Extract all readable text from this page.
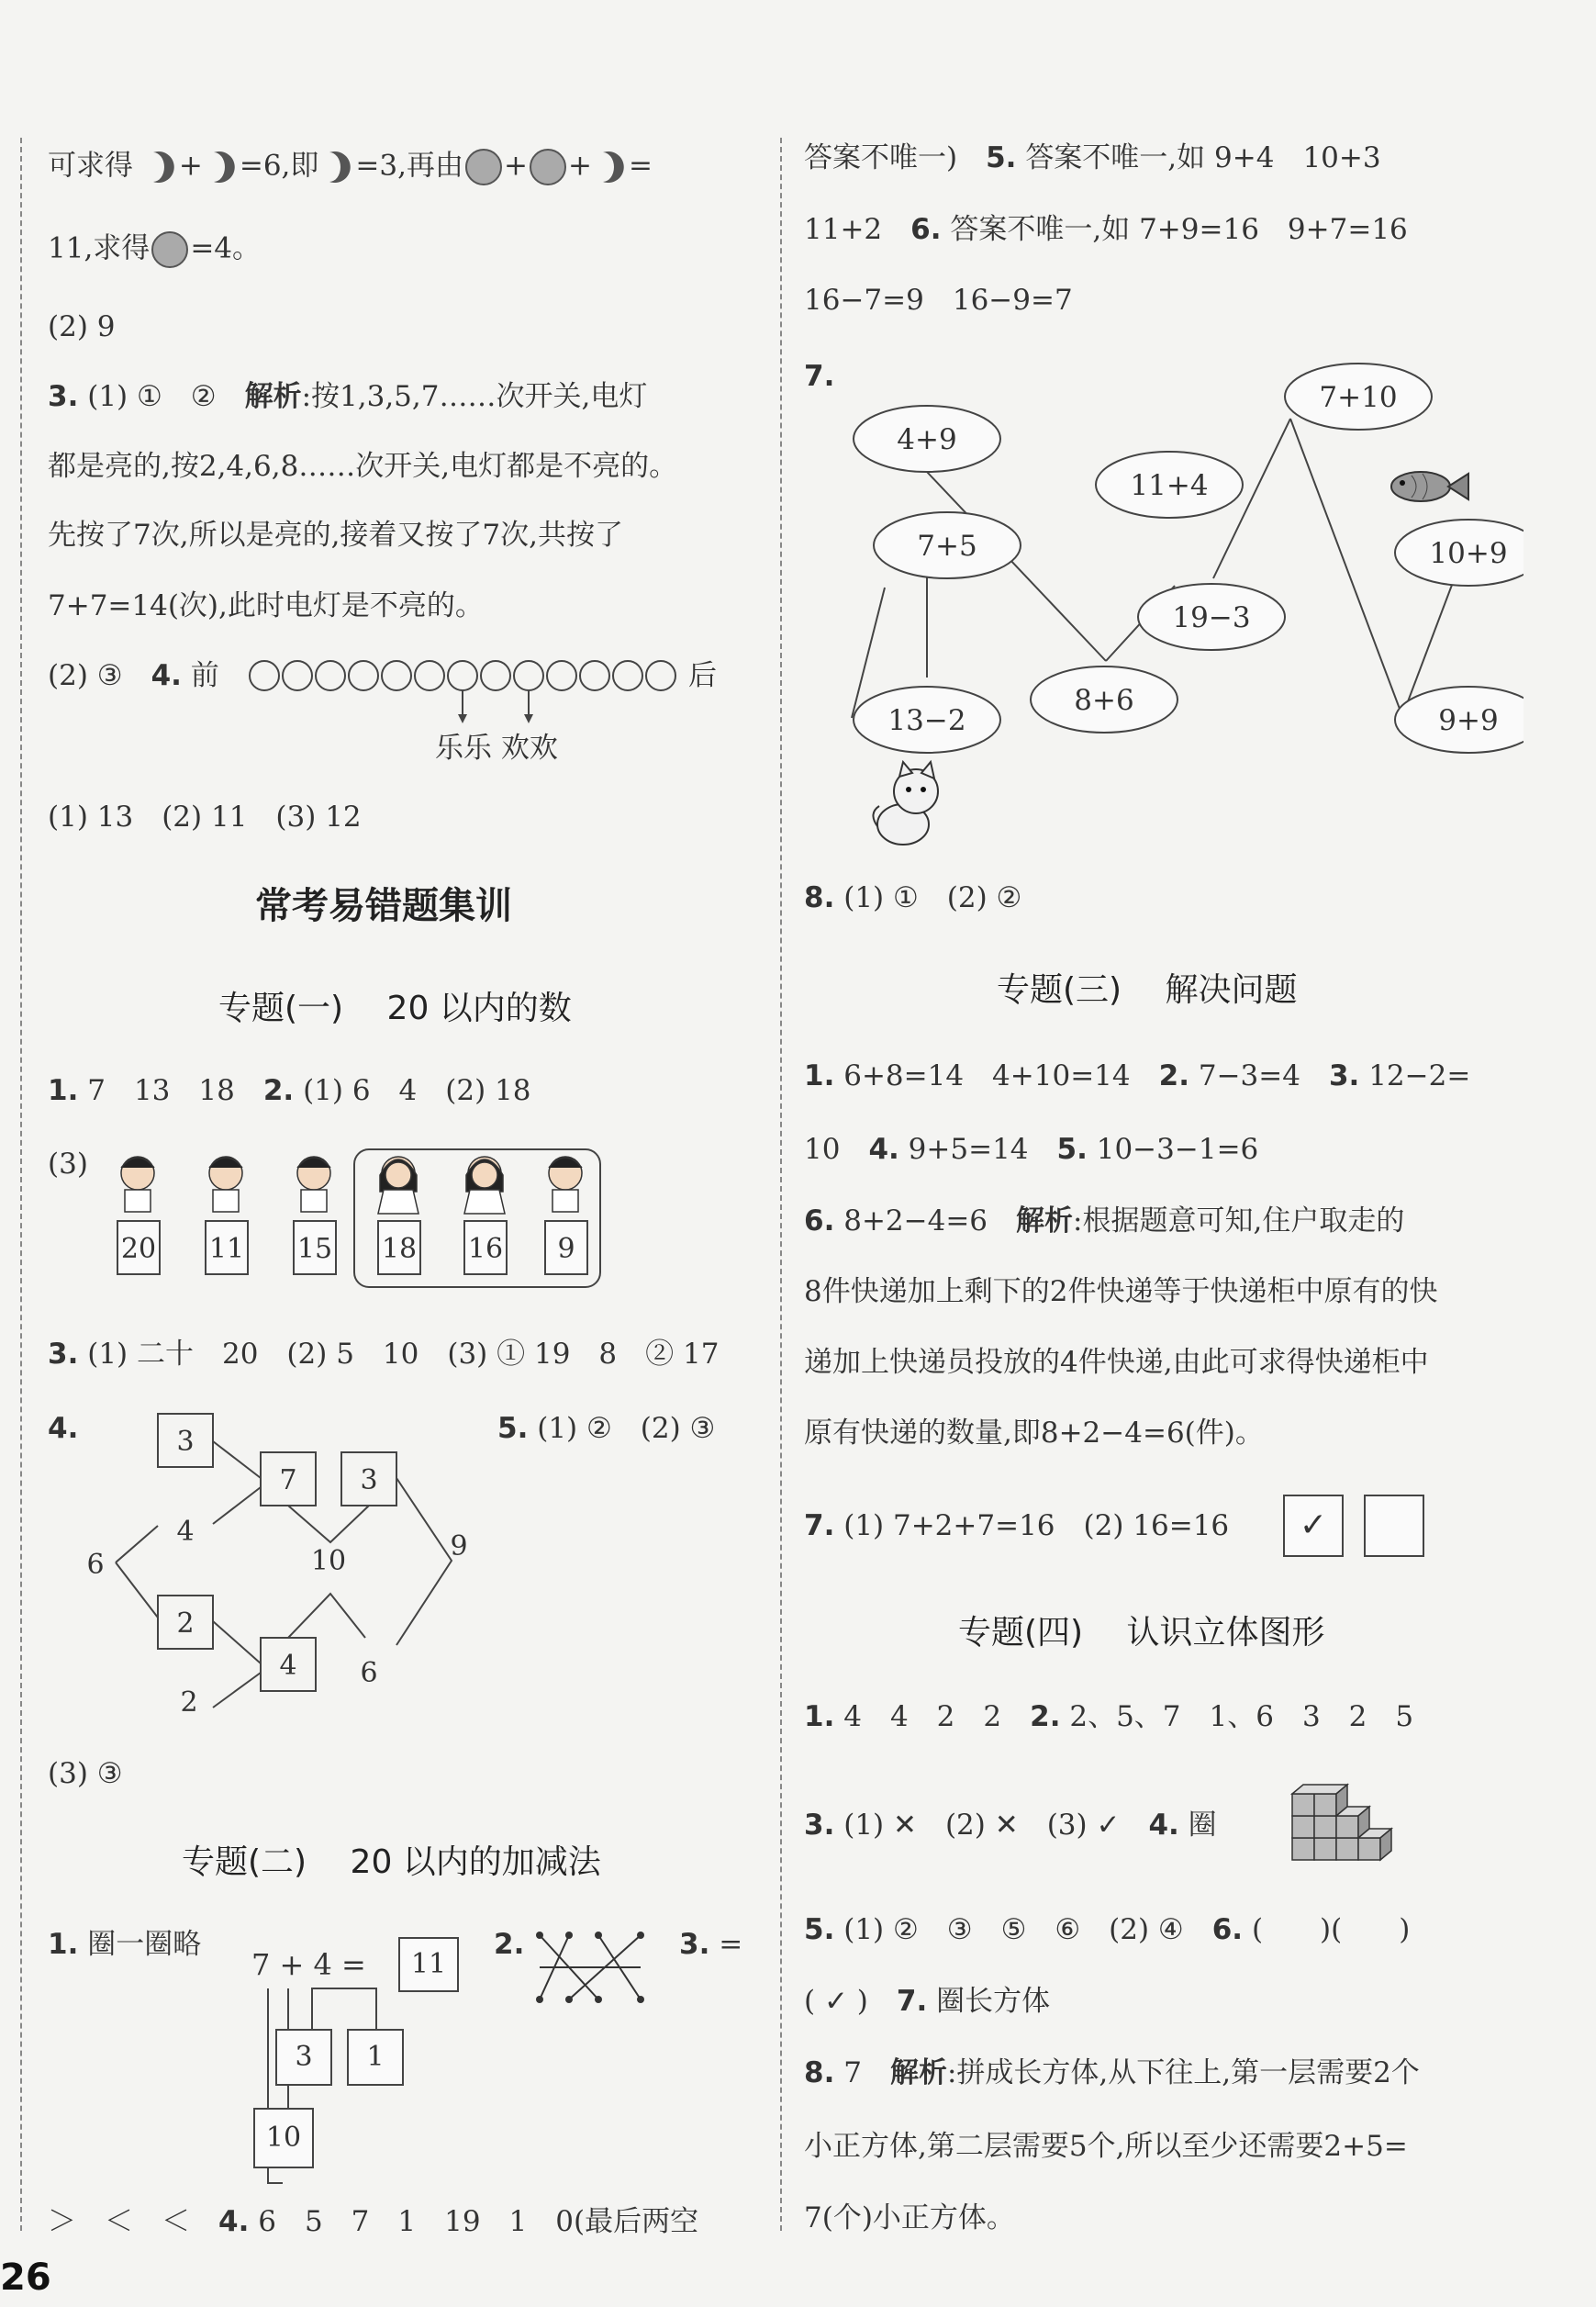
可求得 + =6,即 =3,再由 + + =
11,求得 =4。
(2) 9
3. (1) ①　②　解析:按1,3,5,7……次开关,电灯
都是亮的,按2,4,6,8……次开关,电灯都是不亮的。
先按了7次,所以是亮的,接着又按了7次,共按了
7+7=14(次),此时电灯是不亮的。
(2) ③　4. 前	后
乐乐 欢欢
(1) 13　(2) 11　(3) 12
常考易错题集训
专题(一)　 20 以内的数
1. 7　13　18　2. (1) 6　4　(2) 18
(3)
20 11 15 18 16 9
3. (1) 二十　20　(2) 5　10　(3) ① 19　8　② 17
4.	5. (1) ②　(2) ③
3
7 3
2
4
4
6	10	9
6
2
(3) ③
专题(二)　 20 以内的加减法
1. 圈一圈略	2.	3. =
7 + 4 =	11
3	1
10
＞　＜　＜　4. 6　5　7　1　19　1　0(最后两空
26
答案不唯一)　5. 答案不唯一,如 9+4　10+3
11+2　6. 答案不唯一,如 7+9=16　9+7=16
16−7=9　16−9=7
7.
4+9
7+5
13−2
11+4
19−3
8+6
7+10
10+9
9+9
8. (1) ①　(2) ②
专题(三)　 解决问题
1. 6+8=14　4+10=14　2. 7−3=4　3. 12−2=
10　4. 9+5=14　5. 10−3−1=6
6. 8+2−4=6　解析:根据题意可知,住户取走的
8件快递加上剩下的2件快递等于快递柜中原有的快
递加上快递员投放的4件快递,由此可求得快递柜中
原有快递的数量,即8+2−4=6(件)。
7. (1) 7+2+7=16　(2) 16=16	✓
专题(四)　 认识立体图形
1. 4　4　2　2　2. 2、5、7　1、6　3　2　5
3. (1) ✕　(2) ✕　(3) ✓　4. 圈
5. (1) ②　③　⑤　⑥　(2) ④　6. (　　)(　　)
( ✓ )　7. 圈长方体
8. 7　解析:拼成长方体,从下往上,第一层需要2个
小正方体,第二层需要5个,所以至少还需要2+5=
7(个)小正方体。
